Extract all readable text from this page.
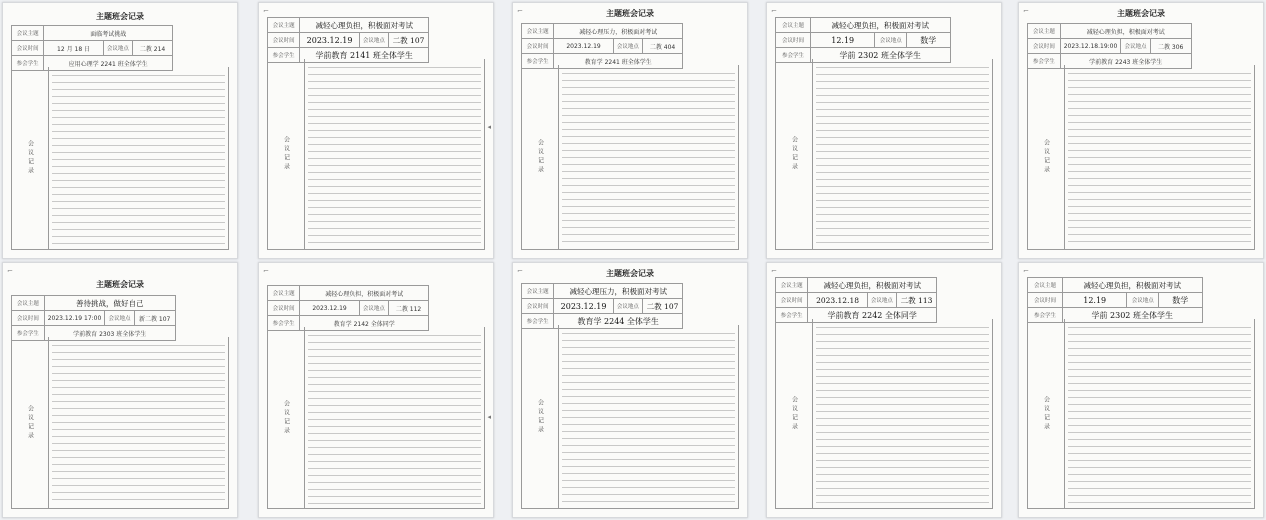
主题班会记录
会议主题	面临考试挑战		
会议时间	12 月 18 日	会议地点	二教 214
参会学生	应用心理学 2241 班全体学生		
会议记录
⌐
会议主题	减轻心理负担，积极面对考试		
会议时间	2023.12.19	会议地点	二教 107
参会学生	学前教育 2141 班全体学生		
会议记录
◂
⌐	主题班会记录
会议主题	减轻心理压力，积极面对考试		
会议时间	2023.12.19	会议地点	二教 404
参会学生	教育学 2241 班全体学生		
会议记录
⌐
会议主题	减轻心理负担，积极面对考试		
会议时间	12.19	会议地点	数学
参会学生	学前 2302 班全体学生		
会议记录
⌐	主题班会记录
会议主题	减轻心理负担，积极面对考试		
会议时间	2023.12.18.19:00	会议地点	二教 306
参会学生	学前教育 2243 班全体学生		
会议记录
⌐
主题班会记录
会议主题	善待挑战，做好自己		
会议时间	2023.12.19 17:00	会议地点	新二教 107
参会学生	学前教育 2303 班全体学生		
会议记录
⌐
会议主题	减轻心理负担，积极面对考试		
会议时间	2023.12.19	会议地点	二教 112
参会学生	教育学 2142 全体同学		
会议记录	◂
⌐	主题班会记录
会议主题	减轻心理压力，积极面对考试		
会议时间	2023.12.19	会议地点	二教 107
参会学生	教育学 2244 全体学生		
会议记录
⌐
会议主题	减轻心理负担，积极面对考试		
会议时间	2023.12.18	会议地点	二教 113
参会学生	学前教育 2242 全体同学		
会议记录
⌐
会议主题	减轻心理负担，积极面对考试		
会议时间	12.19	会议地点	数学
参会学生	学前 2302 班全体学生		
会议记录
